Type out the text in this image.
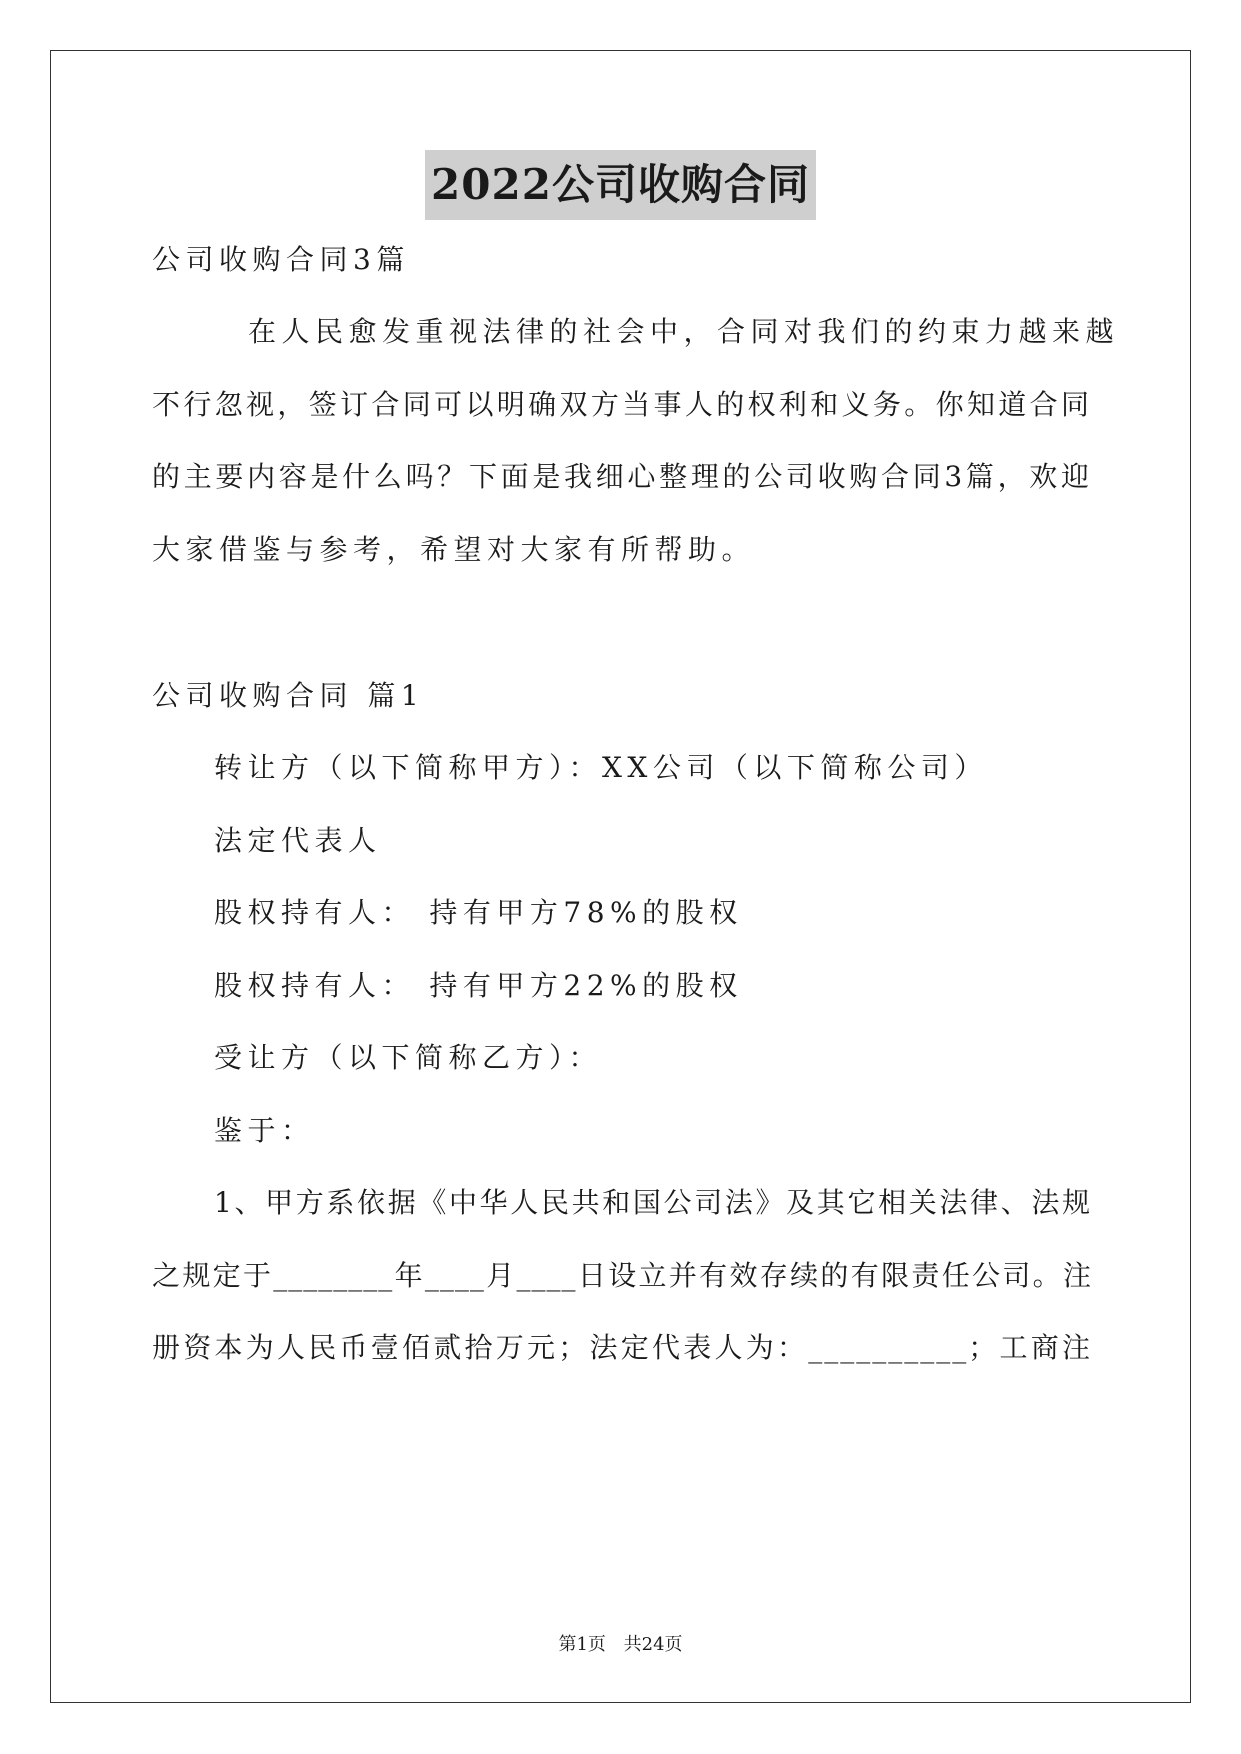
2022公司收购合同
公司收购合同3篇
在人民愈发重视法律的社会中，合同对我们的约束力越来越
不行忽视，签订合同可以明确双方当事人的权利和义务。你知道合同
的主要内容是什么吗？下面是我细心整理的公司收购合同3篇，欢迎
大家借鉴与参考，希望对大家有所帮助。
公司收购合同 篇1
转让方（以下简称甲方）：XX公司（以下简称公司）
法定代表人
股权持有人： 持有甲方78%的股权
股权持有人： 持有甲方22%的股权
受让方（以下简称乙方）：
鉴于：
1、甲方系依据《中华人民共和国公司法》及其它相关法律、法规
之规定于________年____月____日设立并有效存续的有限责任公司。注
册资本为人民币壹佰贰拾万元；法定代表人为：__________；工商注
第1页 共24页
